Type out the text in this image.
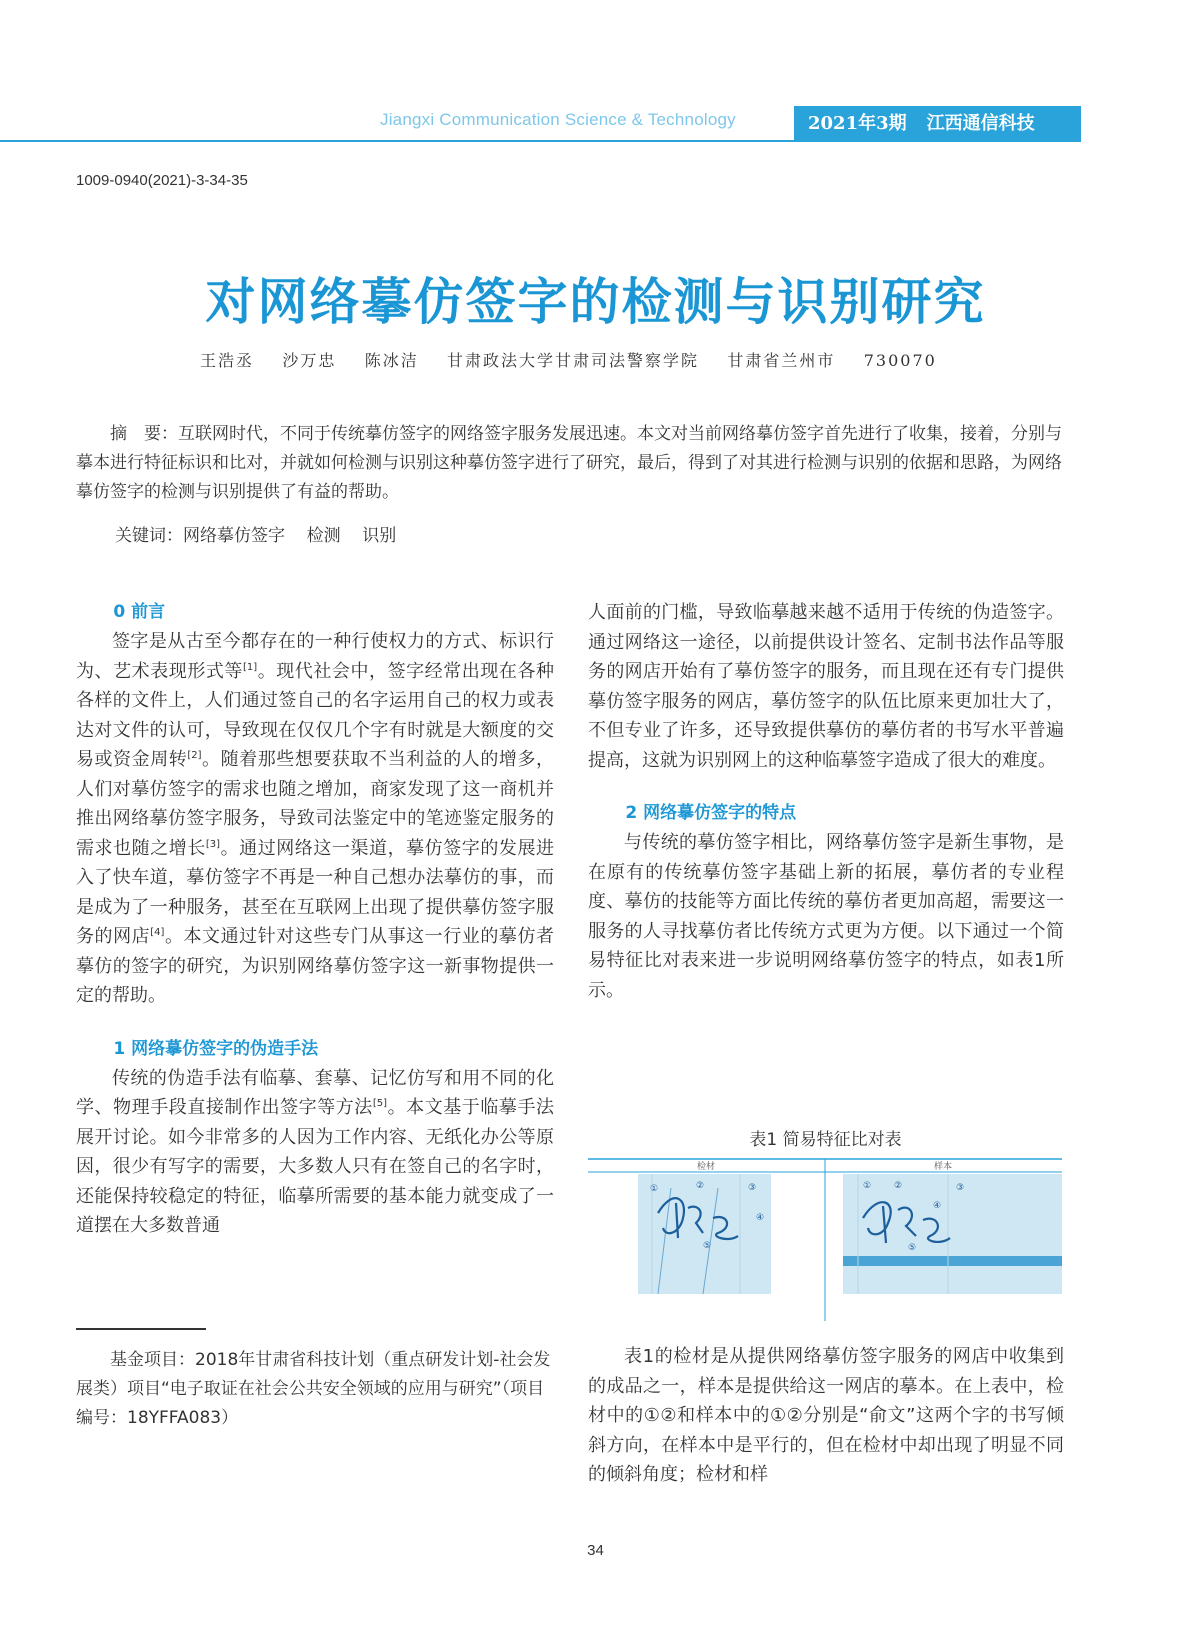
Jiangxi Communication Science & Technology	2021年3期 江西通信科技
1009-0940(2021)-3-34-35
对网络摹仿签字的检测与识别研究
王浩丞    沙万忠    陈冰洁    甘肃政法大学甘肃司法警察学院    甘肃省兰州市    730070

摘　要：互联网时代，不同于传统摹仿签字的网络签字服务发展迅速。本文对当前网络摹仿签字首先进行了收集，接着，分别与摹本进行特征标识和比对，并就如何检测与识别这种摹仿签字进行了研究，最后，得到了对其进行检测与识别的依据和思路，为网络摹仿签字的检测与识别提供了有益的帮助。

关键词：网络摹仿签字    检测    识别
0 前言

签字是从古至今都存在的一种行使权力的方式、标识行为、艺术表现形式等[1]。现代社会中，签字经常出现在各种各样的文件上，人们通过签自己的名字运用自己的权力或表达对文件的认可，导致现在仅仅几个字有时就是大额度的交易或资金周转[2]。随着那些想要获取不当利益的人的增多，人们对摹仿签字的需求也随之增加，商家发现了这一商机并推出网络摹仿签字服务，导致司法鉴定中的笔迹鉴定服务的需求也随之增长[3]。通过网络这一渠道，摹仿签字的发展进入了快车道，摹仿签字不再是一种自己想办法摹仿的事，而是成为了一种服务，甚至在互联网上出现了提供摹仿签字服务的网店[4]。本文通过针对这些专门从事这一行业的摹仿者摹仿的签字的研究，为识别网络摹仿签字这一新事物提供一定的帮助。

1 网络摹仿签字的伪造手法

传统的伪造手法有临摹、套摹、记忆仿写和用不同的化学、物理手段直接制作出签字等方法[5]。本文基于临摹手法展开讨论。如今非常多的人因为工作内容、无纸化办公等原因，很少有写字的需要，大多数人只有在签自己的名字时，还能保持较稳定的特征，临摹所需要的基本能力就变成了一道摆在大多数普通

基金项目：2018年甘肃省科技计划（重点研发计划-社会发展类）项目“电子取证在社会公共安全领域的应用与研究”（项目编号：18YFFA083）

人面前的门槛，导致临摹越来越不适用于传统的伪造签字。通过网络这一途径，以前提供设计签名、定制书法作品等服务的网店开始有了摹仿签字的服务，而且现在还有专门提供摹仿签字服务的网店，摹仿签字的队伍比原来更加壮大了，不但专业了许多，还导致提供摹仿的摹仿者的书写水平普遍提高，这就为识别网上的这种临摹签字造成了很大的难度。

2 网络摹仿签字的特点

与传统的摹仿签字相比，网络摹仿签字是新生事物，是在原有的传统摹仿签字基础上新的拓展，摹仿者的专业程度、摹仿的技能等方面比传统的摹仿者更加高超，需要这一服务的人寻找摹仿者比传统方式更为方便。以下通过一个简易特征比对表来进一步说明网络摹仿签字的特点，如表1所示。

表1 简易特征比对表
检材	样本
①	②	③
④
⑤
①	②	③
④
⑤

表1的检材是从提供网络摹仿签字服务的网店中收集到的成品之一，样本是提供给这一网店的摹本。在上表中，检材中的①②和样本中的①②分别是“俞文”这两个字的书写倾斜方向，在样本中是平行的，但在检材中却出现了明显不同的倾斜角度；检材和样

34
